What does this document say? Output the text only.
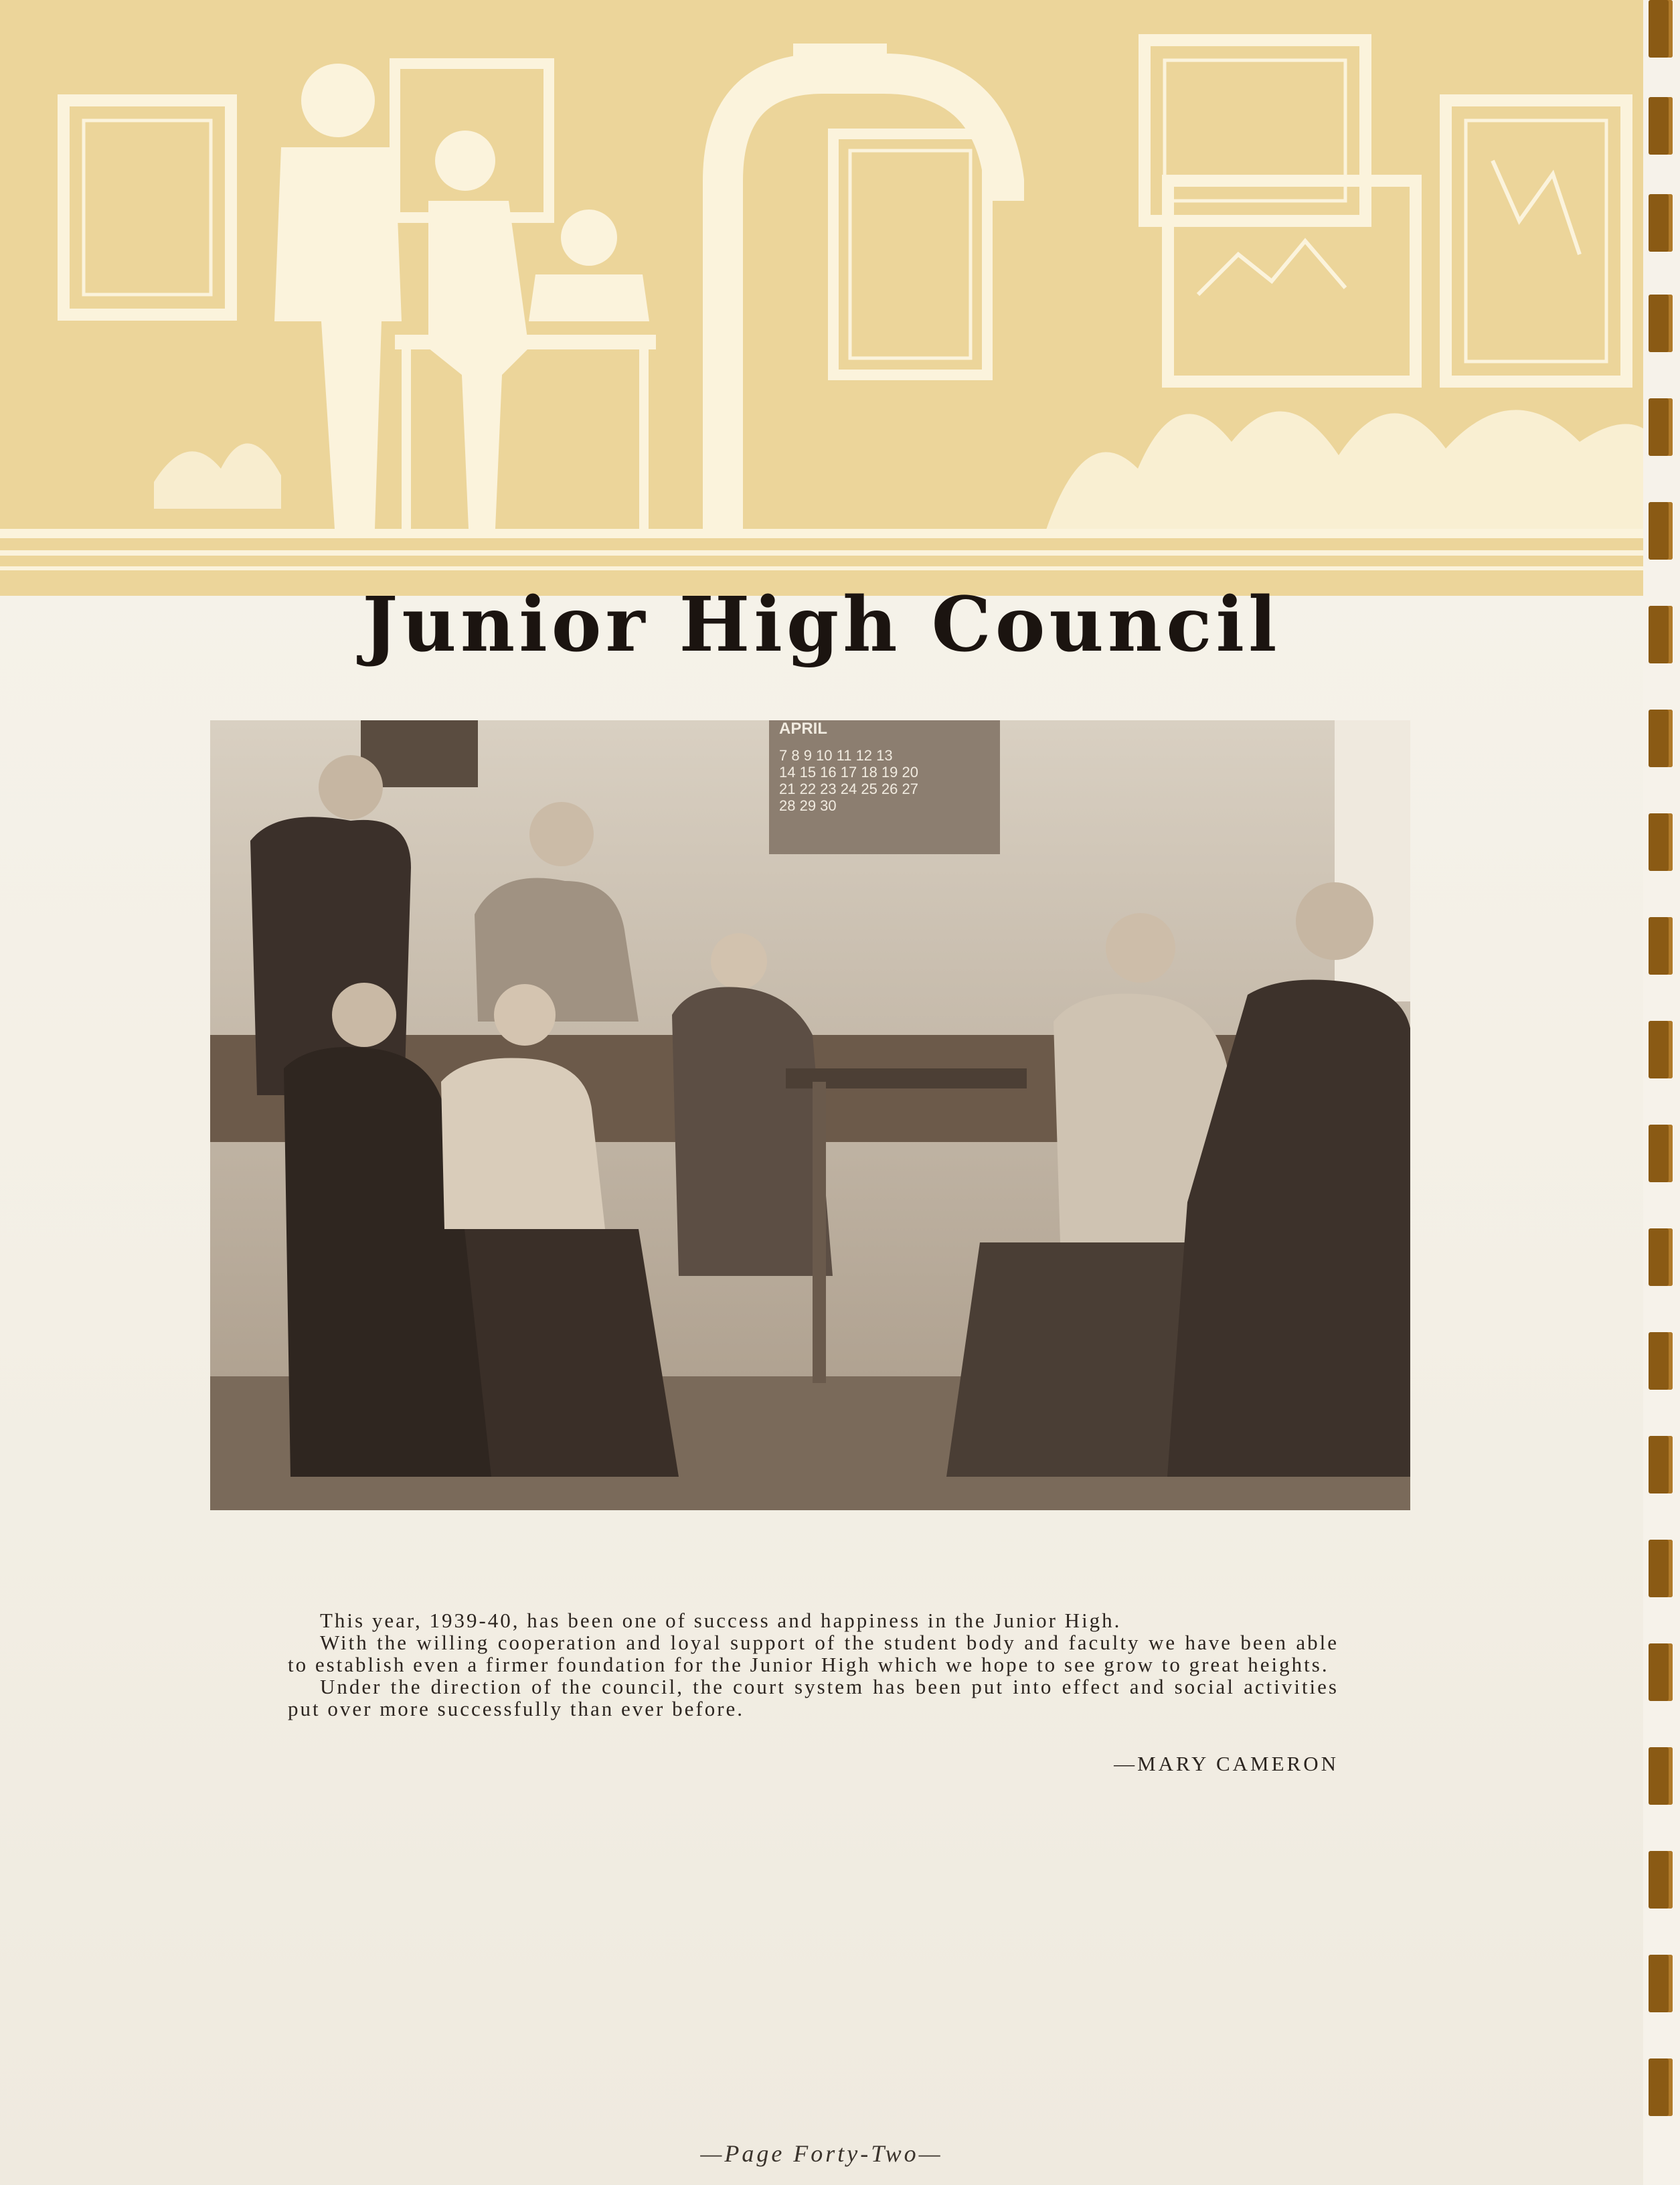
Junior High Council
APRIL
7 8 9 10 11 12 13
14 15 16 17 18 19 20
21 22 23 24 25 26 27
28 29 30

This year, 1939-40, has been one of success and happiness in the Junior High.

With the willing cooperation and loyal support of the student body and faculty we have been able to establish even a firmer foundation for the Junior High which we hope to see grow to great heights.

Under the direction of the council, the court system has been put into effect and social activities put over more successfully than ever before.

—MARY CAMERON
—Page Forty-Two—
